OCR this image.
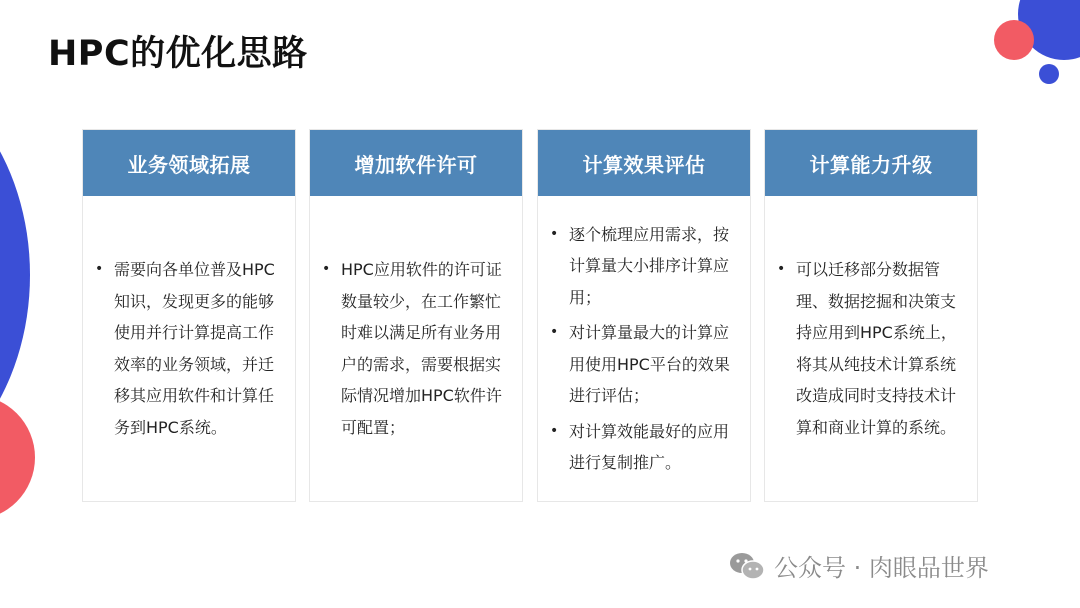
HPC的优化思路
业务领域拓展
• 需要向各单位普及HPC知识，发现更多的能够使用并行计算提高工作效率的业务领域，并迁移其应用软件和计算任务到HPC系统。
增加软件许可
• HPC应用软件的许可证数量较少，在工作繁忙时难以满足所有业务用户的需求，需要根据实际情况增加HPC软件许可配置；
计算效果评估
• 逐个梳理应用需求，按计算量大小排序计算应用；
• 对计算量最大的计算应用使用HPC平台的效果进行评估；
• 对计算效能最好的应用进行复制推广。
计算能力升级
• 可以迁移部分数据管理、数据挖掘和决策支持应用到HPC系统上，将其从纯技术计算系统改造成同时支持技术计算和商业计算的系统。
公众号 · 肉眼品世界
